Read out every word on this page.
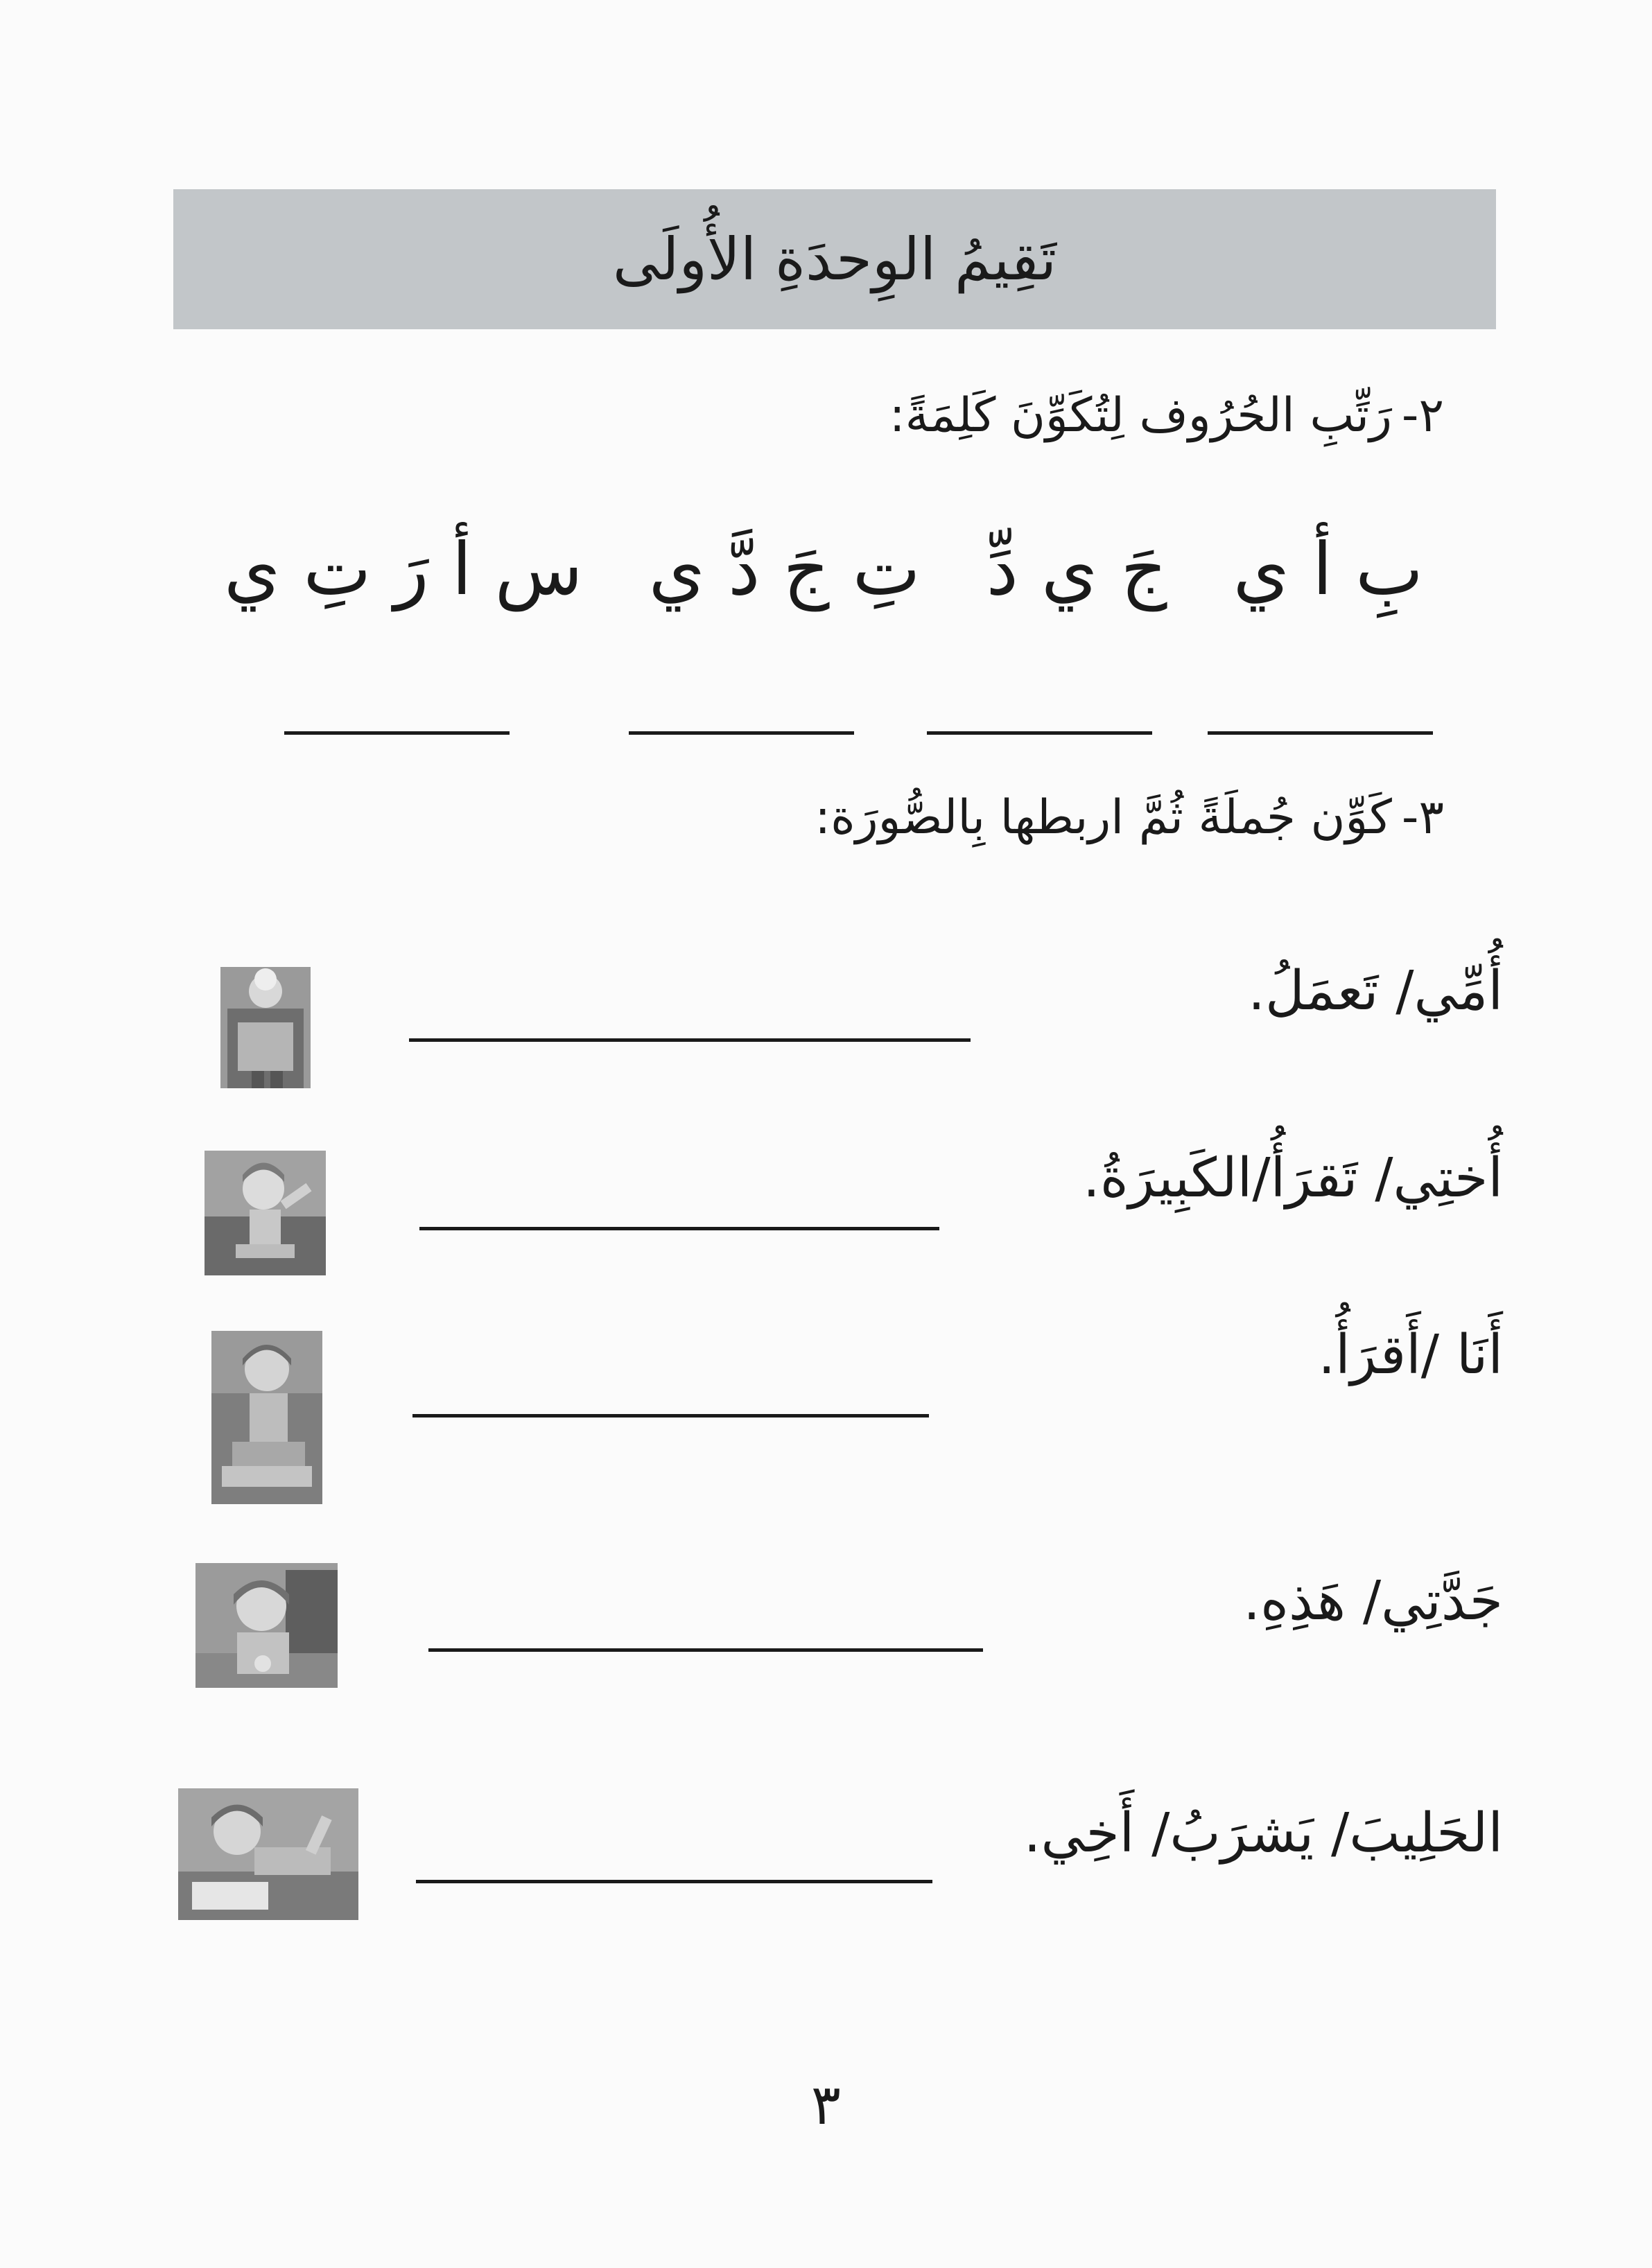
تَقِيمُ الوِحدَةِ الأُولَى
٢-رَتِّبِ الحُرُوف لِتُكَوِّنَ كَلِمَةً:
بِ أ ي
جَ ي دِّ
تِ جَ دَّ ي
س أ رَ تِ ي
٣-كَوِّن جُملَةً ثُمَّ اربطها بِالصُّورَة:
أُمِّي/ تَعمَلُ.
أُختِي/ تَقرَأُ/الكَبِيرَةُ.
أَنَا /أَقرَأُ.
جَدَّتِي/ هَذِهِ.
الحَلِيبَ/ يَشرَبُ/ أَخِي.
٣
